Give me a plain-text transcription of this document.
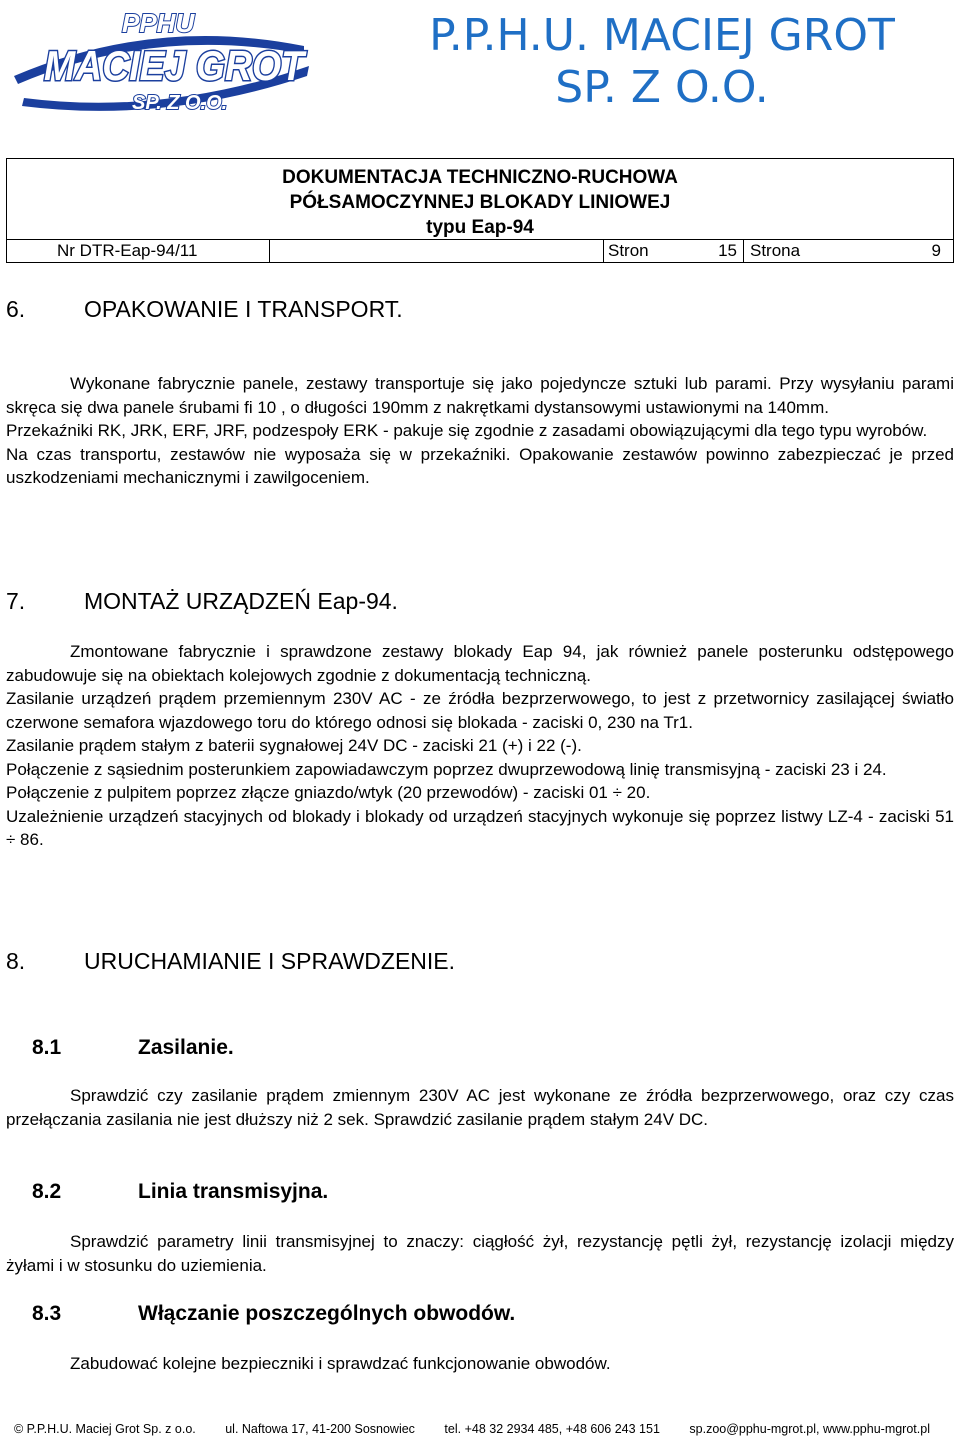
PPHU
MACIEJ GROT
SP. Z O.O.
P.P.H.U. MACIEJ GROT
SP. Z O.O.
DOKUMENTACJA TECHNICZNO-RUCHOWA
PÓŁSAMOCZYNNEJ BLOKADY LINIOWEJ
typu Eap-94
Nr DTR-Eap-94/11	Stron	15 Strona	9
6.	OPAKOWANIE I TRANSPORT.

Wykonane fabrycznie panele, zestawy transportuje się jako pojedyncze sztuki lub parami. Przy wysyłaniu parami skręca się dwa panele śrubami fi 10 , o długości 190mm z nakrętkami dystansowymi ustawionymi na 140mm.

Przekaźniki RK, JRK, ERF, JRF, podzespoły ERK - pakuje się zgodnie z zasadami obowiązującymi dla tego typu wyrobów.

Na czas transportu, zestawów nie wyposaża się w przekaźniki. Opakowanie zestawów powinno zabezpieczać je przed uszkodzeniami mechanicznymi i zawilgoceniem.

7.	MONTAŻ URZĄDZEŃ Eap-94.

Zmontowane fabrycznie i sprawdzone zestawy blokady Eap 94, jak również panele posterunku odstępowego zabudowuje się na obiektach kolejowych zgodnie z dokumentacją techniczną.

Zasilanie urządzeń prądem przemiennym 230V AC - ze źródła bezprzerwowego, to jest z przetwornicy zasilającej światło czerwone semafora wjazdowego toru do którego odnosi się blokada - zaciski 0, 230 na Tr1.

Zasilanie prądem stałym z baterii sygnałowej 24V DC - zaciski 21 (+) i 22 (-).

Połączenie z sąsiednim posterunkiem zapowiadawczym poprzez dwuprzewodową linię transmisyjną - zaciski 23 i 24.

Połączenie z pulpitem poprzez złącze gniazdo/wtyk (20 przewodów) - zaciski 01 ÷ 20.

Uzależnienie urządzeń stacyjnych od blokady i blokady od urządzeń stacyjnych wykonuje się poprzez listwy LZ-4 - zaciski 51 ÷ 86.

8.	URUCHAMIANIE I SPRAWDZENIE.
8.1	Zasilanie.

Sprawdzić czy zasilanie prądem zmiennym 230V AC jest wykonane ze źródła bezprzerwowego, oraz czy czas przełączania zasilania nie jest dłuższy niż 2 sek. Sprawdzić zasilanie prądem stałym 24V DC.

8.2	Linia transmisyjna.

Sprawdzić parametry linii transmisyjnej to znaczy: ciągłość żył, rezystancję pętli żył, rezystancję izolacji między żyłami i w stosunku do uziemienia.

8.3	Włączanie poszczególnych obwodów.

Zabudować kolejne bezpieczniki i sprawdzać funkcjonowanie obwodów.

© P.P.H.U. Maciej Grot Sp. z o.o. ul. Naftowa 17, 41-200 Sosnowiec tel. +48 32 2934 485, +48 606 243 151 sp.zoo@pphu-mgrot.pl, www.pphu-mgrot.pl
